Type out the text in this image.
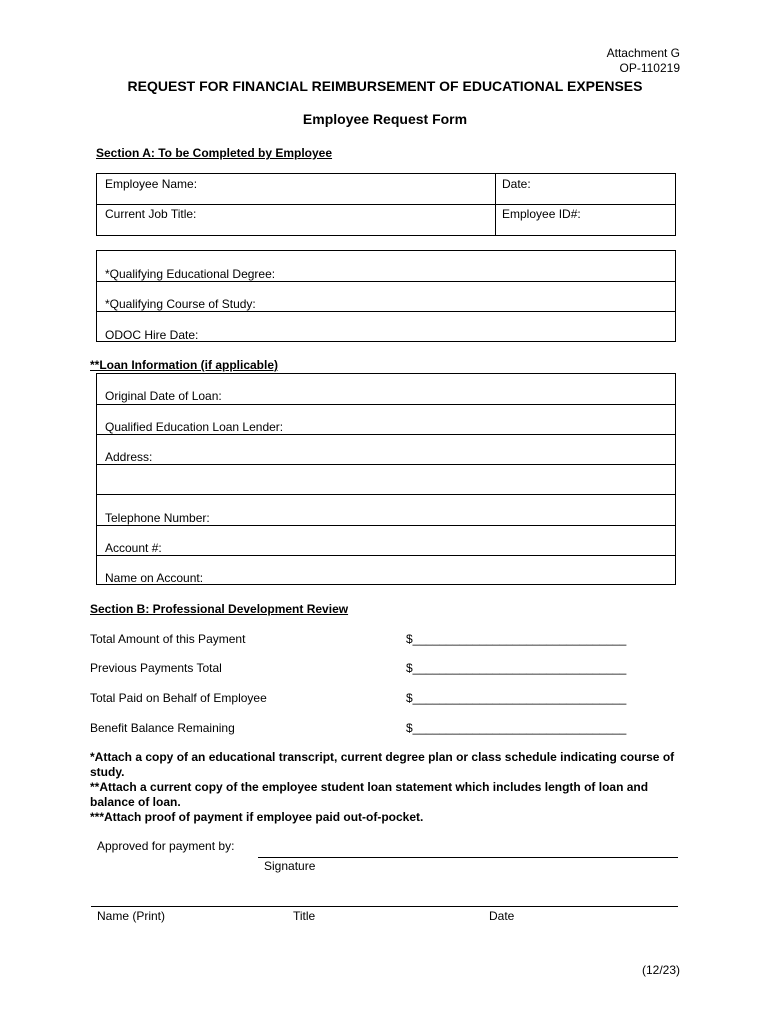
Attachment G
OP-110219
REQUEST FOR FINANCIAL REIMBURSEMENT OF EDUCATIONAL EXPENSES
Employee Request Form
Section A: To be Completed by Employee
Employee Name:	Date:
Current Job Title:	Employee ID#:
*Qualifying Educational Degree:
*Qualifying Course of Study:
ODOC Hire Date:
**Loan Information (if applicable)
Original Date of Loan:
Qualified Education Loan Lender:
Address:
Telephone Number:
Account #:
Name on Account:
Section B: Professional Development Review
Total Amount of this Payment	$________________________________
Previous Payments Total	$________________________________
Total Paid on Behalf of Employee	$________________________________
Benefit Balance Remaining	$________________________________
*Attach a copy of an educational transcript, current degree plan or class schedule indicating course of study.
**Attach a current copy of the employee student loan statement which includes length of loan and balance of loan.
***Attach proof of payment if employee paid out-of-pocket.
Approved for payment by:
Signature
Name (Print)	Title	Date
(12/23)
